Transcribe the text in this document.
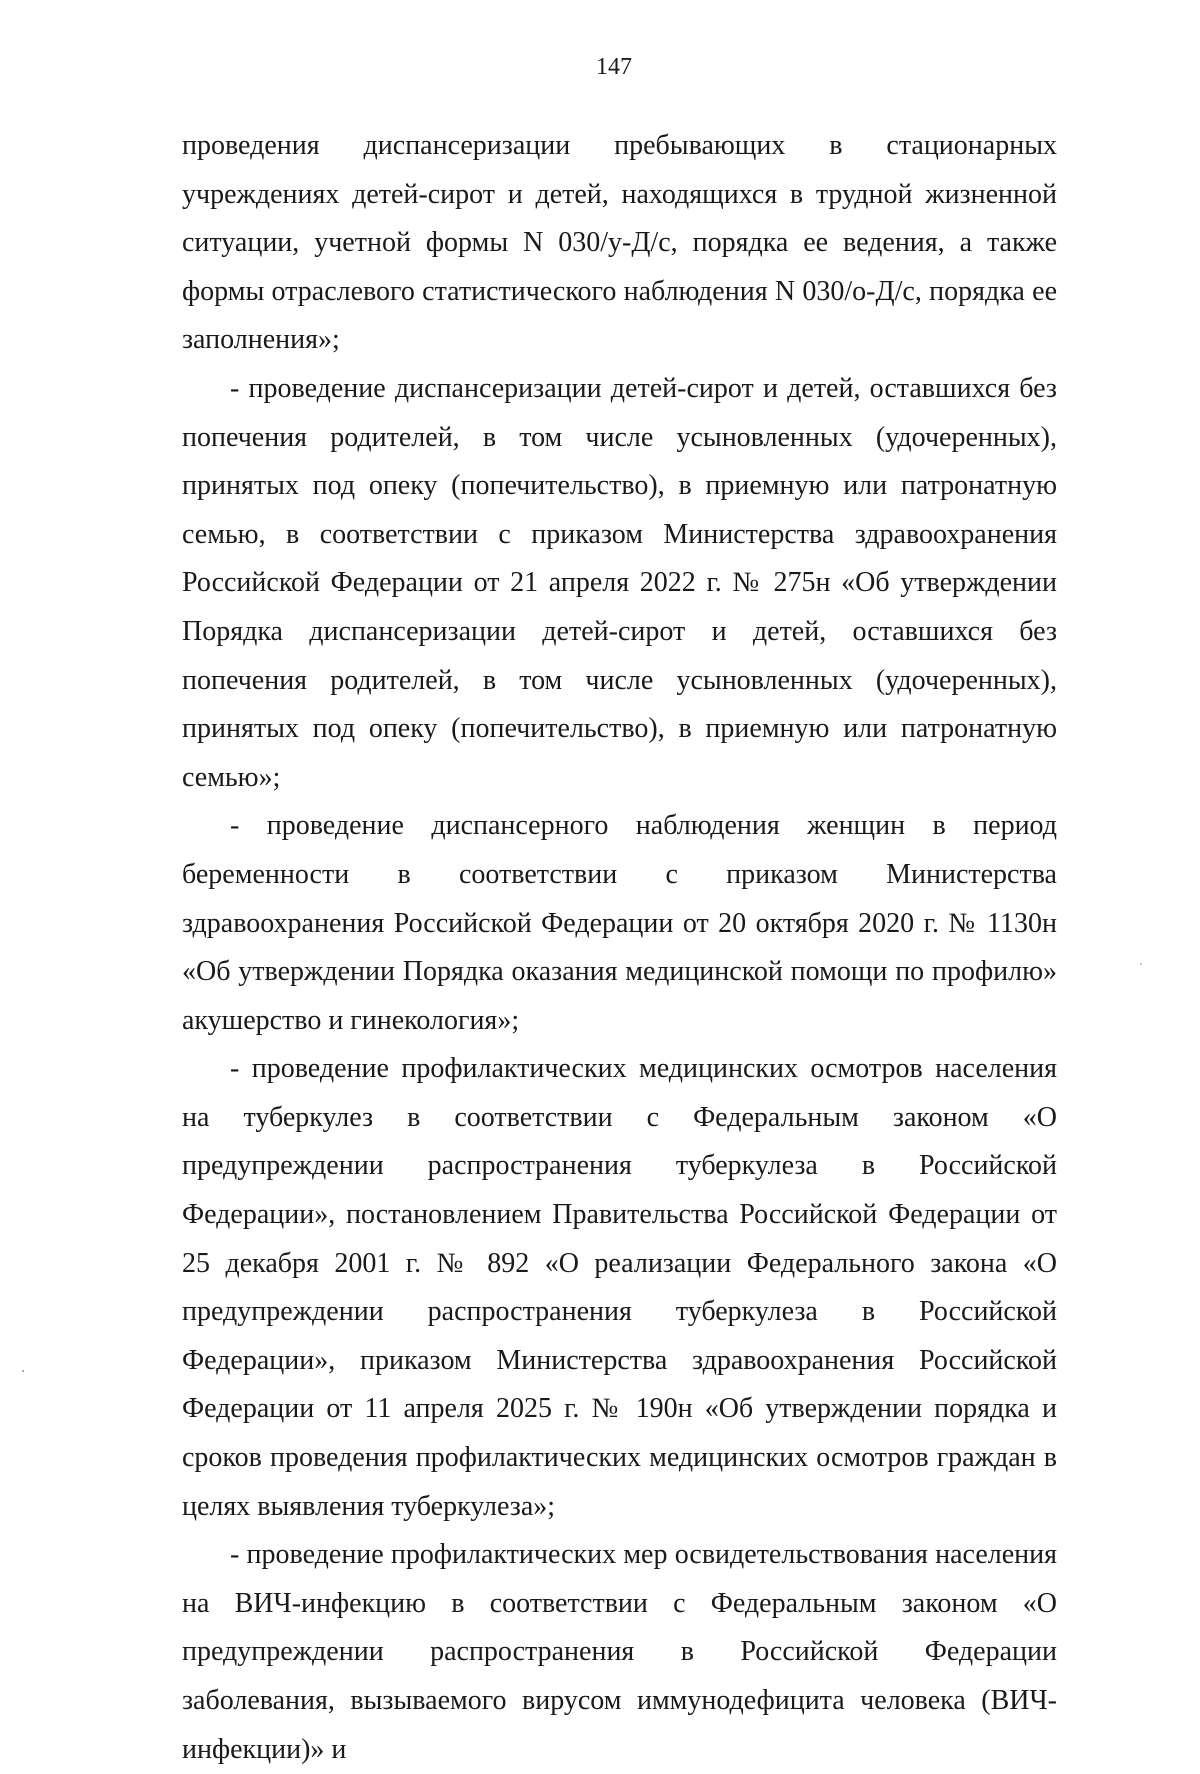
147

проведения диспансеризации пребывающих в стационарных учреждениях детей-сирот и детей, находящихся в трудной жизненной ситуации, учетной формы N 030/у-Д/с, порядка ее ведения, а также формы отраслевого статистического наблюдения N 030/о-Д/с, порядка ее заполнения»;

- проведение диспансеризации детей-сирот и детей, оставшихся без попечения родителей, в том числе усыновленных (удочеренных), принятых под опеку (попечительство), в приемную или патронатную семью, в соответствии с приказом Министерства здравоохранения Российской Федерации от 21 апреля 2022 г. № 275н «Об утверждении Порядка диспансеризации детей-сирот и детей, оставшихся без попечения родителей, в том числе усыновленных (удочеренных), принятых под опеку (попечительство), в приемную или патронатную семью»;

- проведение диспансерного наблюдения женщин в период беременности в соответствии с приказом Министерства здравоохранения Российской Федерации от 20 октября 2020 г. № 1130н «Об утверждении Порядка оказания медицинской помощи по профилю» акушерство и гинекология»;

- проведение профилактических медицинских осмотров населения на туберкулез в соответствии с Федеральным законом «О предупреждении распространения туберкулеза в Российской Федерации», постановлением Правительства Российской Федерации от 25 декабря 2001 г. № 892 «О реализации Федерального закона «О предупреждении распространения туберкулеза в Российской Федерации», приказом Министерства здравоохранения Российской Федерации от 11 апреля 2025 г. № 190н «Об утверждении порядка и сроков проведения профилактических медицинских осмотров граждан в целях выявления туберкулеза»;

- проведение профилактических мер освидетельствования населения на ВИЧ-инфекцию в соответствии с Федеральным законом «О предупреждении распространения в Российской Федерации заболевания, вызываемого вирусом иммунодефицита человека (ВИЧ-инфекции)» и
